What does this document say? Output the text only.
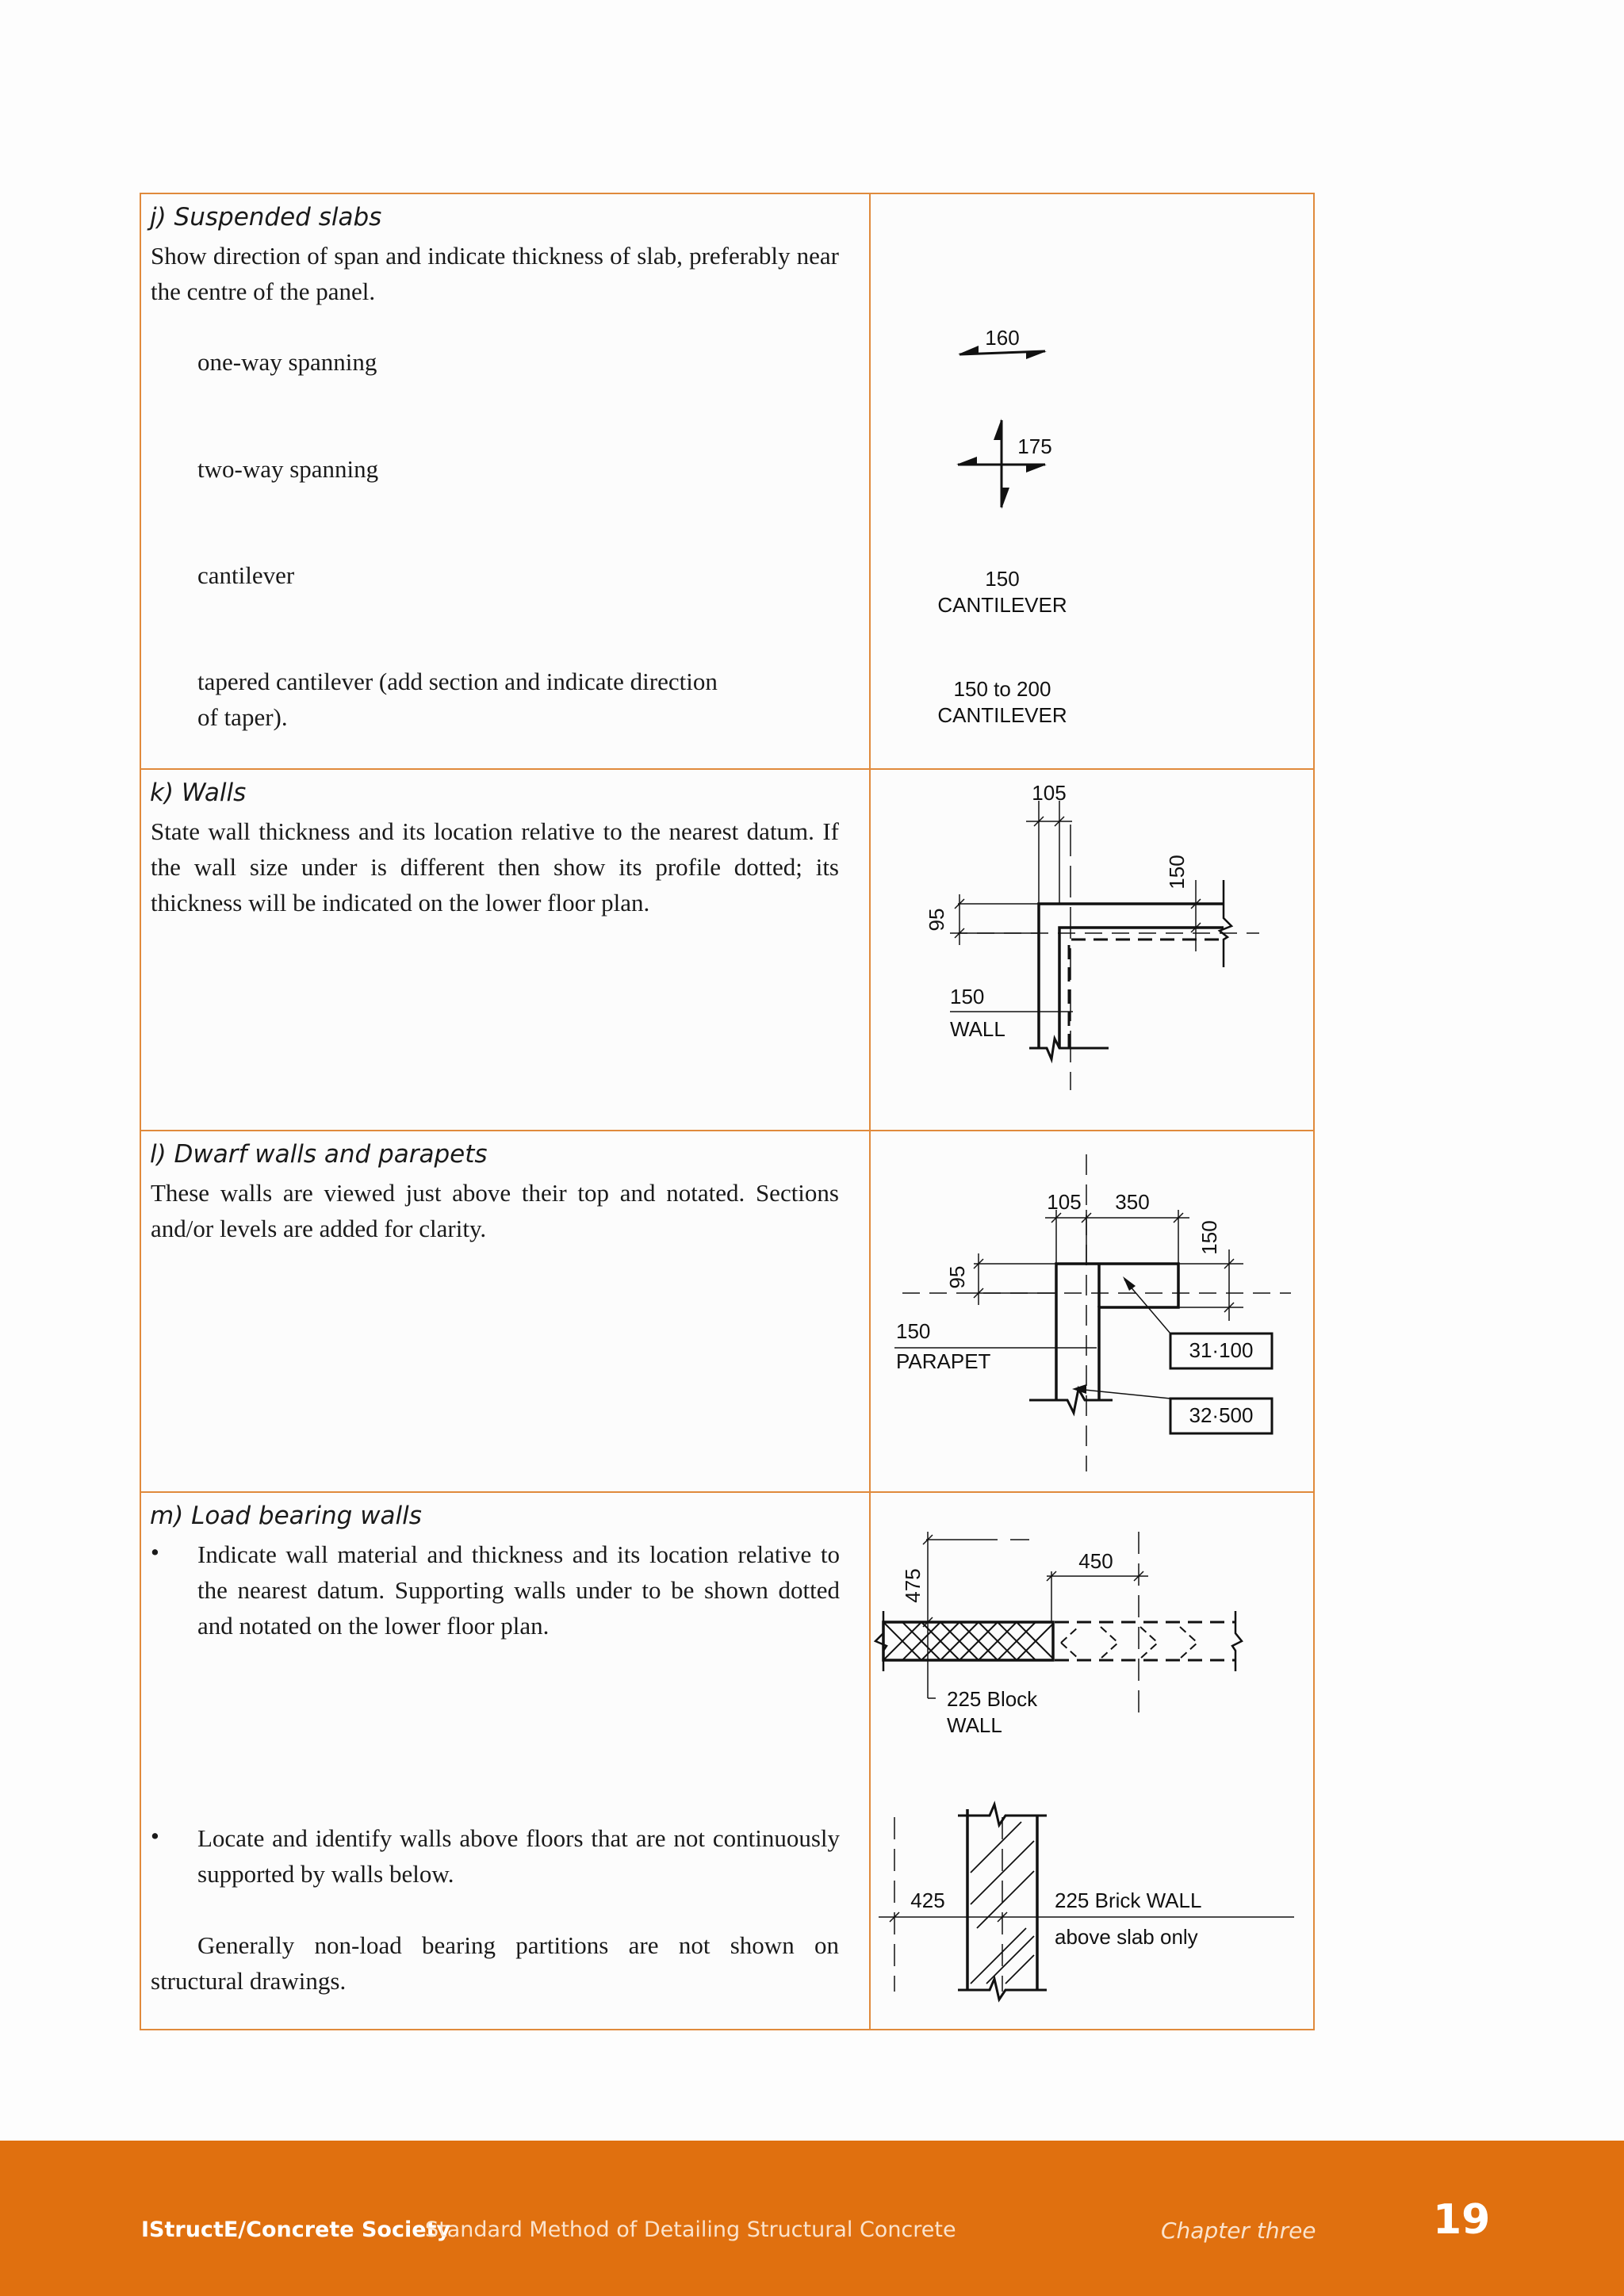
j) Suspended slabs
Show direction of span and indicate thickness of slab, preferably near the centre of the panel.
one-way spanning
two-way spanning
cantilever
tapered cantilever (add section and indicate direction
of taper).
160
175
150
CANTILEVER
150 to 200
CANTILEVER
k) Walls
State wall thickness and its location relative to the nearest datum. If the wall size under is different then show its profile dotted; its thickness will be indicated on the lower floor plan.
105
150
95
150
WALL
l) Dwarf walls and parapets
These walls are viewed just above their top and notated. Sections and/or levels are added for clarity.
105 350
150
95
150
PARAPET	31·100
32·500
m) Load bearing walls
• Indicate wall material and thickness and its location relative to the nearest datum. Supporting walls under to be shown dotted and notated on the lower floor plan.
• Locate and identify walls above floors that are not continuously supported by walls below.
Generally non-load bearing partitions are not shown on structural drawings.
475
450
225 Block
WALL
425	225 Brick WALL
above slab only
IStructE/Concrete Society
Standard Method of Detailing Structural Concrete	Chapter three	19
